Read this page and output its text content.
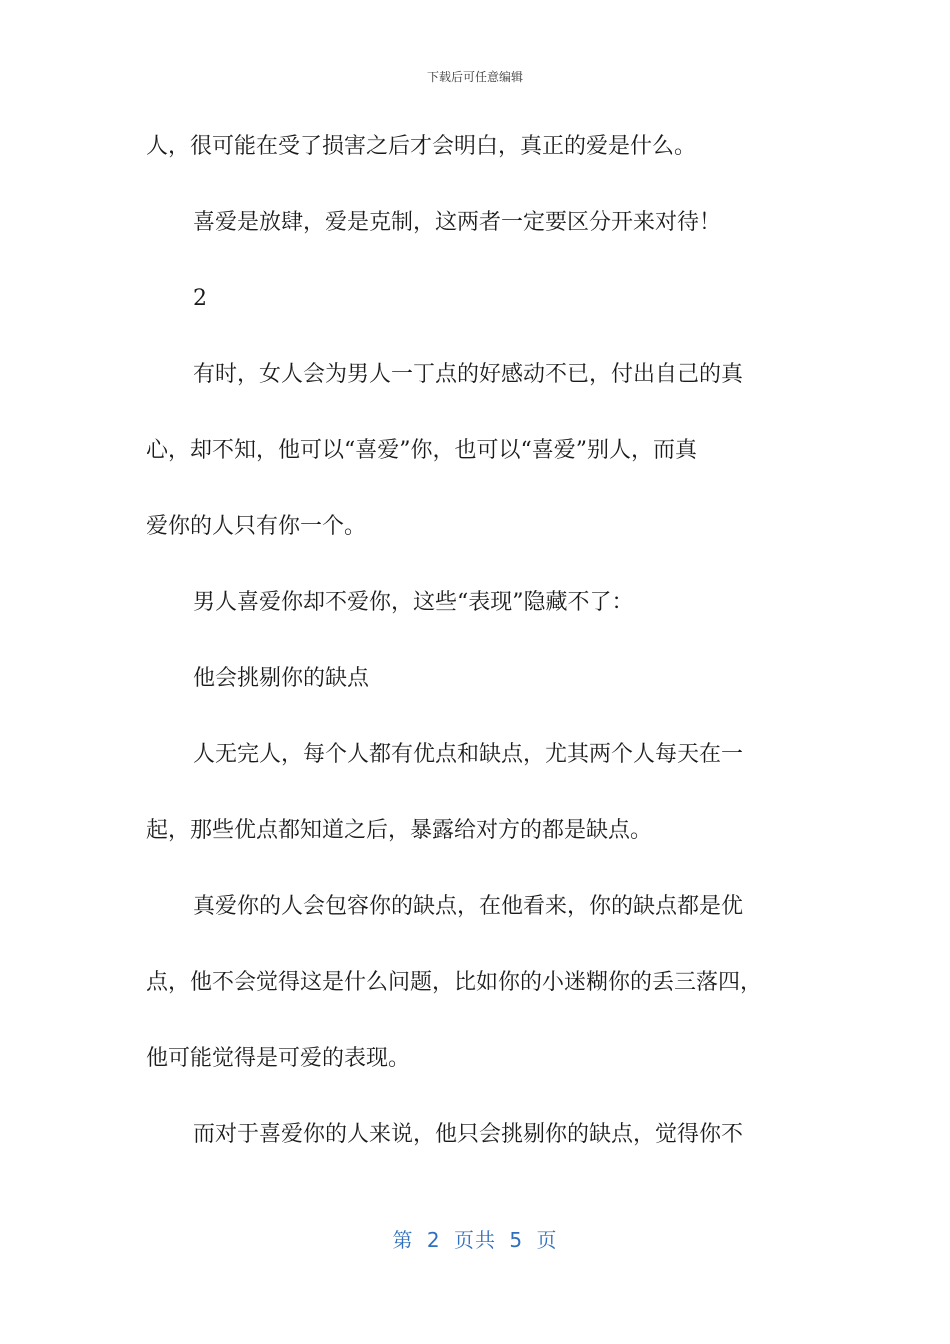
下载后可任意编辑

人，很可能在受了损害之后才会明白，真正的爱是什么。
喜爱是放肆，爱是克制，这两者一定要区分开来对待！
2
有时，女人会为男人一丁点的好感动不已，付出自己的真
心，却不知，他可以“喜爱”你，也可以“喜爱”别人，而真
爱你的人只有你一个。
男人喜爱你却不爱你，这些“表现”隐藏不了：
他会挑剔你的缺点
人无完人，每个人都有优点和缺点，尤其两个人每天在一
起，那些优点都知道之后，暴露给对方的都是缺点。
真爱你的人会包容你的缺点，在他看来，你的缺点都是优
点，他不会觉得这是什么问题，比如你的小迷糊你的丢三落四，
他可能觉得是可爱的表现。
而对于喜爱你的人来说，他只会挑剔你的缺点，觉得你不

第 2 页共 5 页
